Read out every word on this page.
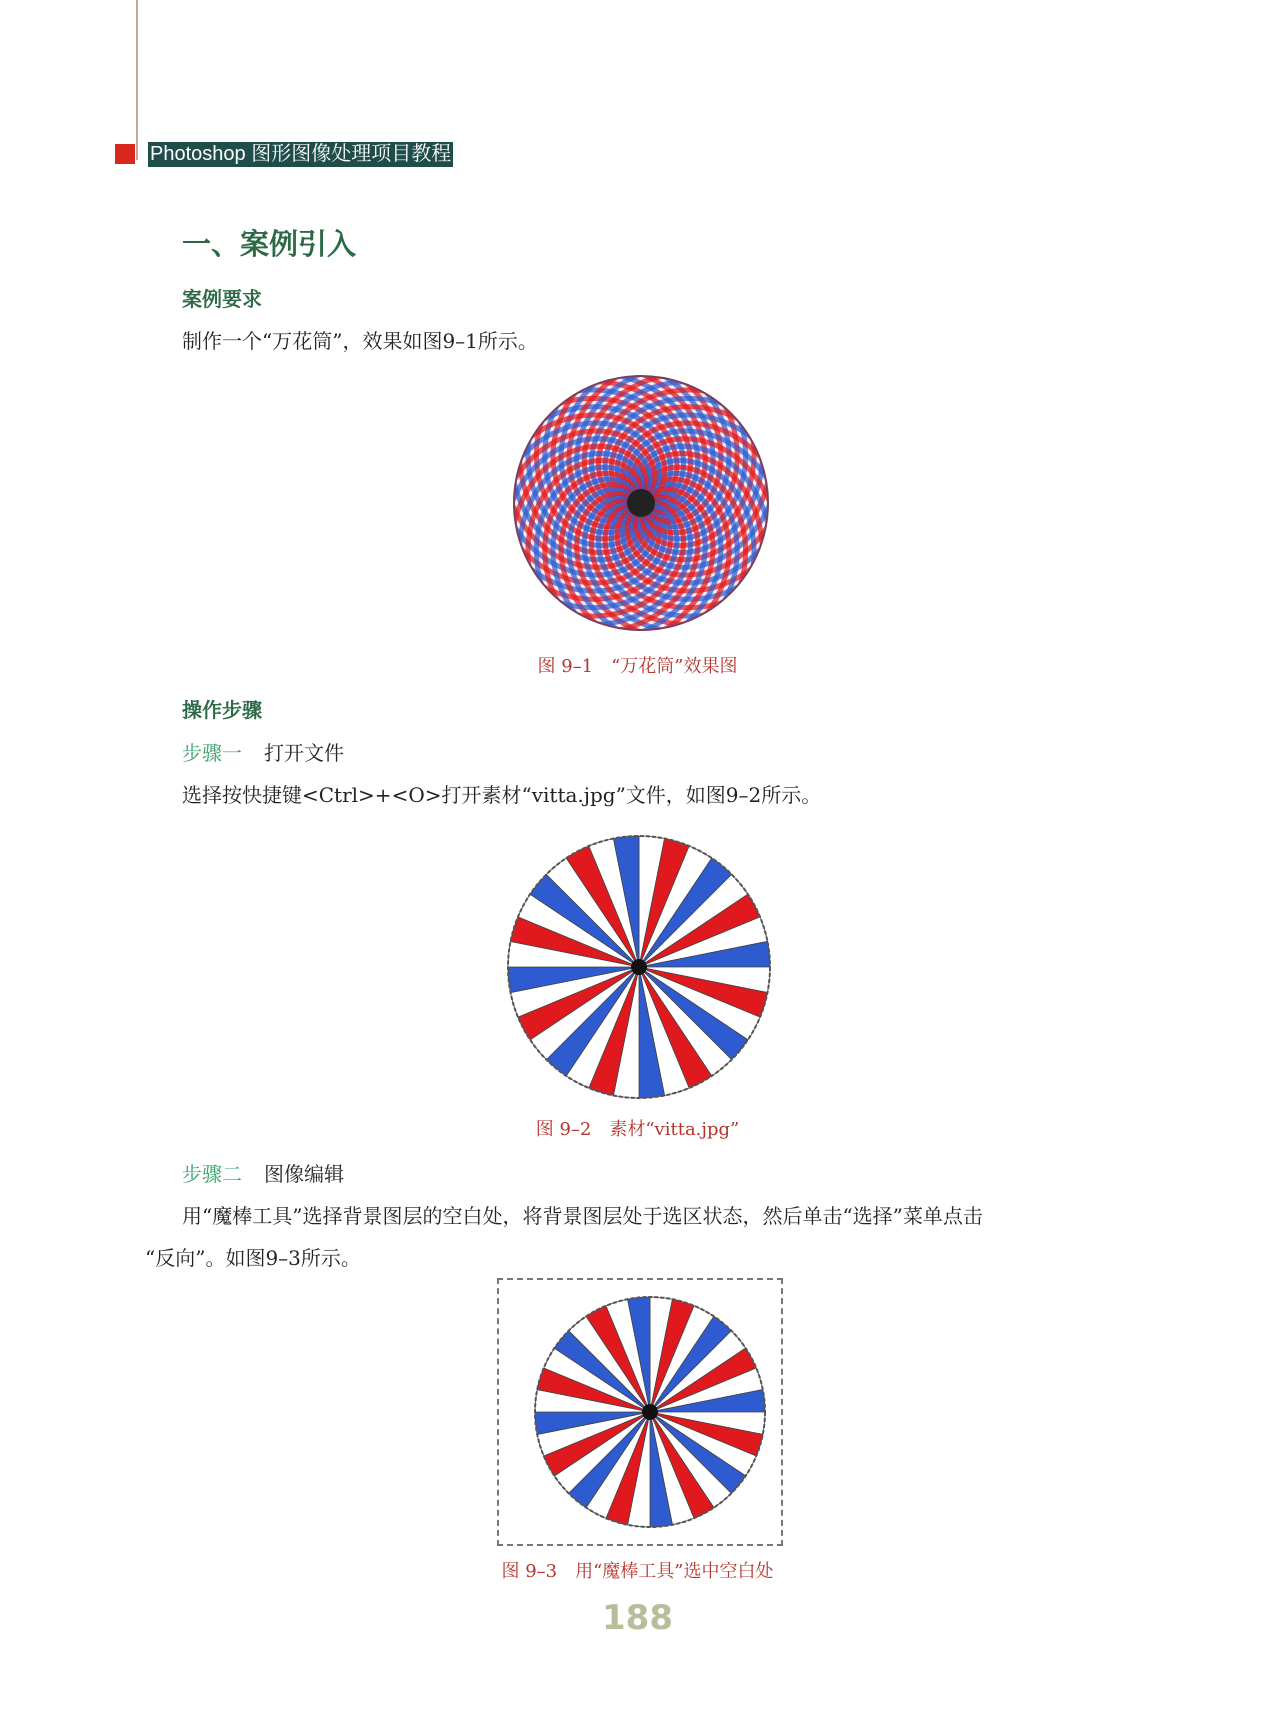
Photoshop 图形图像处理项目教程
一、案例引入
案例要求
制作一个“万花筒”，效果如图9–1所示。
图 9–1　“万花筒”效果图
操作步骤
步骤一 打开文件
选择按快捷键<Ctrl>+<O>打开素材“vitta.jpg”文件，如图9–2所示。
图 9–2　素材“vitta.jpg”
步骤二 图像编辑
用“魔棒工具”选择背景图层的空白处，将背景图层处于选区状态，然后单击“选择”菜单点击
“反向”。如图9–3所示。
图 9–3　用“魔棒工具”选中空白处
188
